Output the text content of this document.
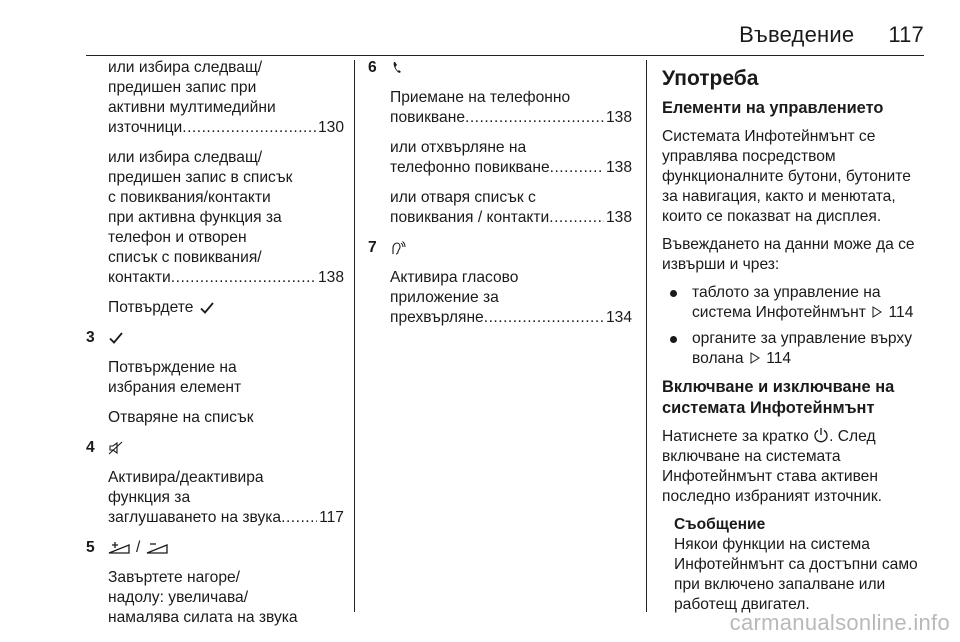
Въведение 117
или избира следващ/
предишен запис при
активни мултимедийни
източници .....	130
или избира следващ/
предишен запис в списък
с повиквания/контакти
при активна функция за
телефон и отворен
списък с повиквания/
контакти .....	138
Потвърдете
3
Потвърждение на
избрания елемент
Отваряне на списък
4
Активира/деактивира
функция за
заглушаването на звука ..... 117
5	/
Завъртете нагоре/
надолу: увеличава/
намалява силата на звука
6
Приемане на телефонно
повикване .....	138
или отхвърляне на
телефонно повикване .....	138
или отваря списък с
повиквания / контакти .....	138
7
Активира гласово
приложение за
прехвърляне .....	134
Употреба
Елементи на управлението
Системата Инфотейнмънт се
управлява посредством
функционалните бутони, бутоните
за навигация, както и менютата,
които се показват на дисплея.
Въвеждането на данни може да се
извърши и чрез:
таблото за управление на
система Инфотейнмънт 114
органите за управление върху
волана 114
Включване и изключване на
системата Инфотейнмънт
Натиснете за кратко . След
включване на системата
Инфотейнмънт става активен
последно избраният източник.
Съобщение
Някои функции на система
Инфотейнмънт са достъпни само
при включено запалване или
работещ двигател.
carmanualsonline.info
